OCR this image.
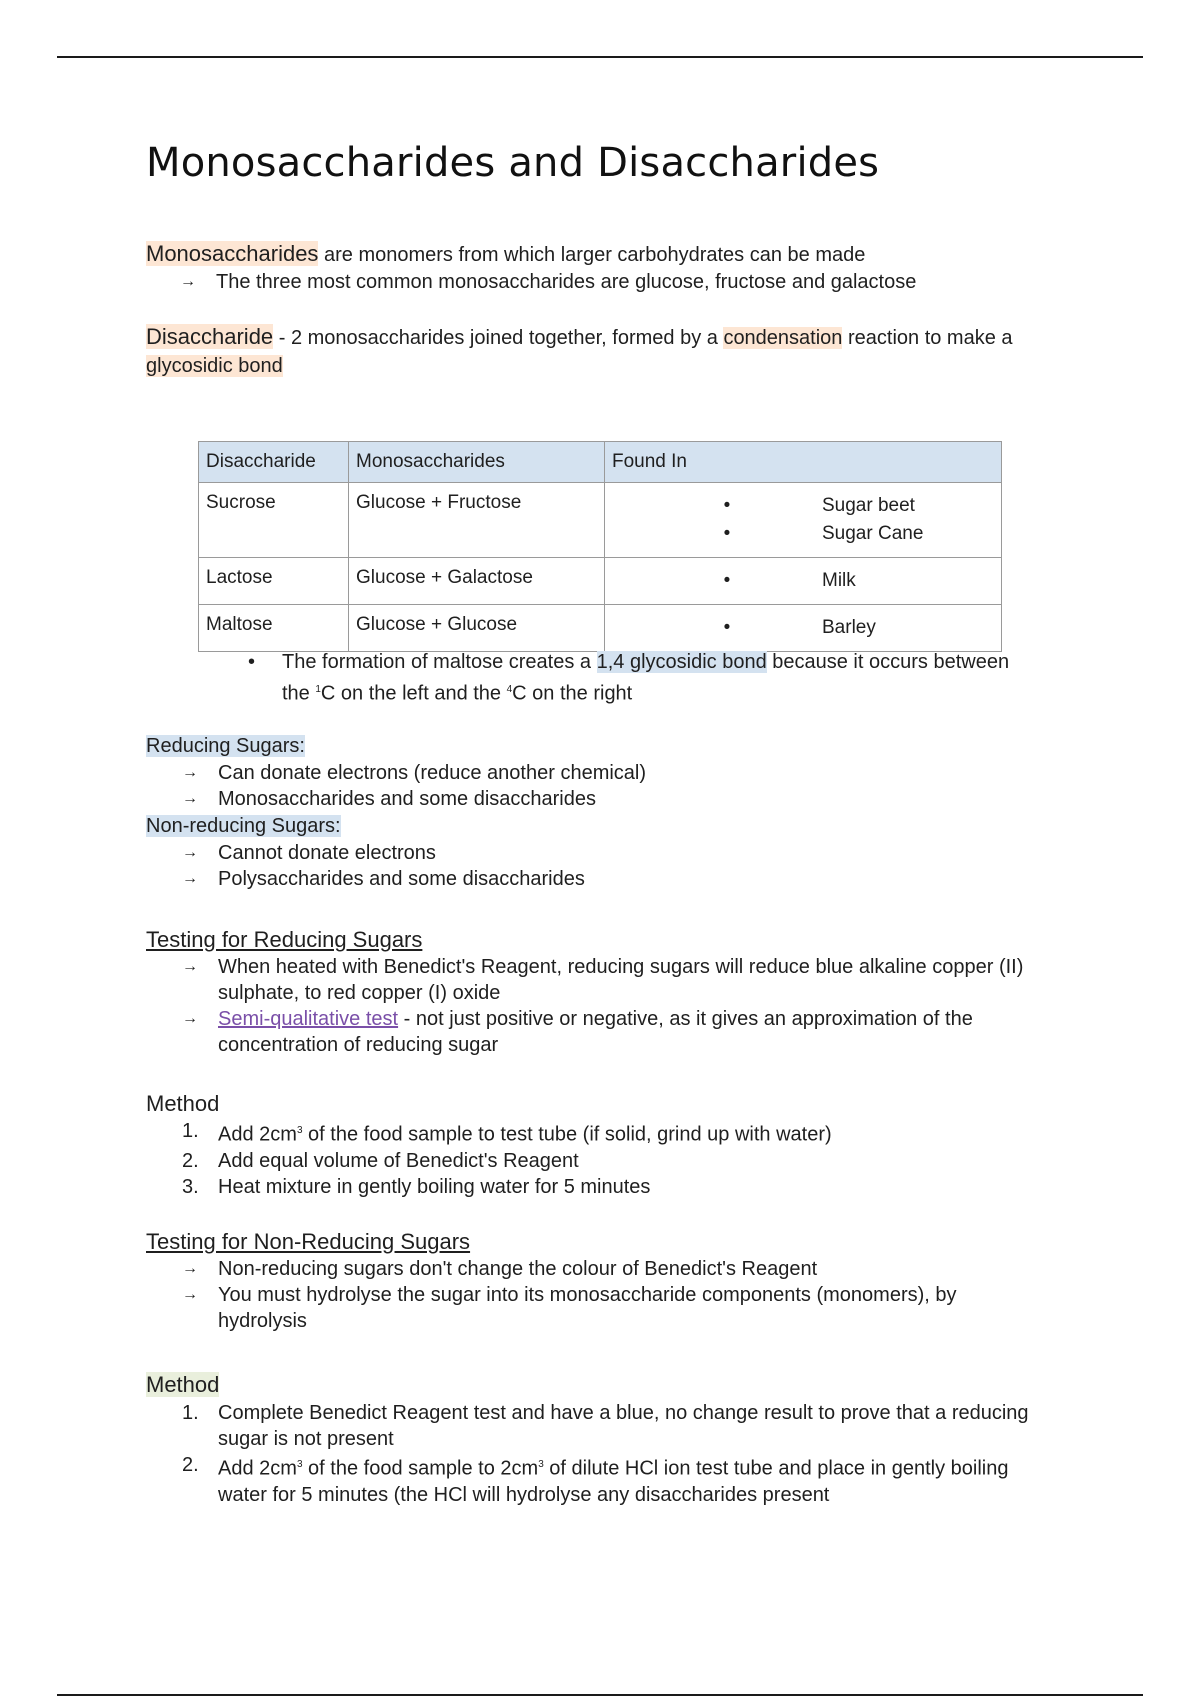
Monosaccharides and Disaccharides
Monosaccharides are monomers from which larger carbohydrates can be made
→ The three most common monosaccharides are glucose, fructose and galactose
Disaccharide - 2 monosaccharides joined together, formed by a condensation reaction to make a
glycosidic bond
Disaccharide	Monosaccharides	Found In
Sucrose	Glucose + Fructose	• Sugar beet
• Sugar Cane

Lactose	Glucose + Galactose	• Milk

Maltose	Glucose + Glucose	• Barley
• The formation of maltose creates a 1,4 glycosidic bond because it occurs between
the $^1$C on the left and the $^4$C on the right
Reducing Sugars:
→ Can donate electrons (reduce another chemical)
→ Monosaccharides and some disaccharides
Non-reducing Sugars:
→ Cannot donate electrons
→ Polysaccharides and some disaccharides
Testing for Reducing Sugars
→ When heated with Benedict's Reagent, reducing sugars will reduce blue alkaline copper (II) sulphate, to red copper (I) oxide
→ Semi-qualitative test - not just positive or negative, as it gives an approximation of the concentration of reducing sugar
Method
1. Add $2cm^3$ of the food sample to test tube (if solid, grind up with water)
2. Add equal volume of Benedict's Reagent
3. Heat mixture in gently boiling water for 5 minutes
Testing for Non-Reducing Sugars
→ Non-reducing sugars don't change the colour of Benedict's Reagent
→ You must hydrolyse the sugar into its monosaccharide components (monomers), by hydrolysis
Method
1. Complete Benedict Reagent test and have a blue, no change result to prove that a reducing sugar is not present
2. Add $2cm^3$ of the food sample to $2cm^3$ of dilute HCl ion test tube and place in gently boiling water for 5 minutes (the HCl will hydrolyse any disaccharides present
